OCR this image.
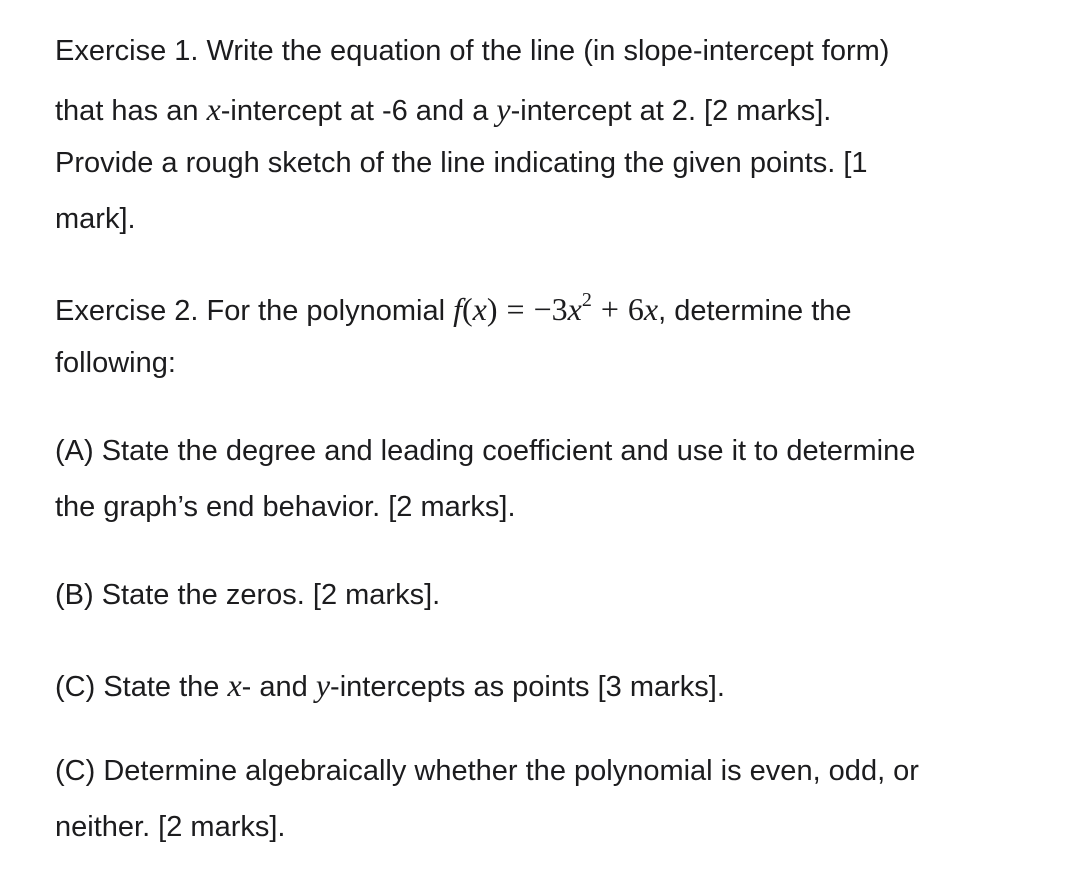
Exercise 1. Write the equation of the line (in slope-intercept form)
that has an x-intercept at -6 and a y-intercept at 2. [2 marks].
Provide a rough sketch of the line indicating the given points. [1
mark].
Exercise 2. For the polynomial $f(x) = -3x^2 + 6x$, determine the
following:
(A) State the degree and leading coefficient and use it to determine
the graph’s end behavior. [2 marks].
(B) State the zeros. [2 marks].
(C) State the x- and y-intercepts as points [3 marks].
(C) Determine algebraically whether the polynomial is even, odd, or
neither. [2 marks].
